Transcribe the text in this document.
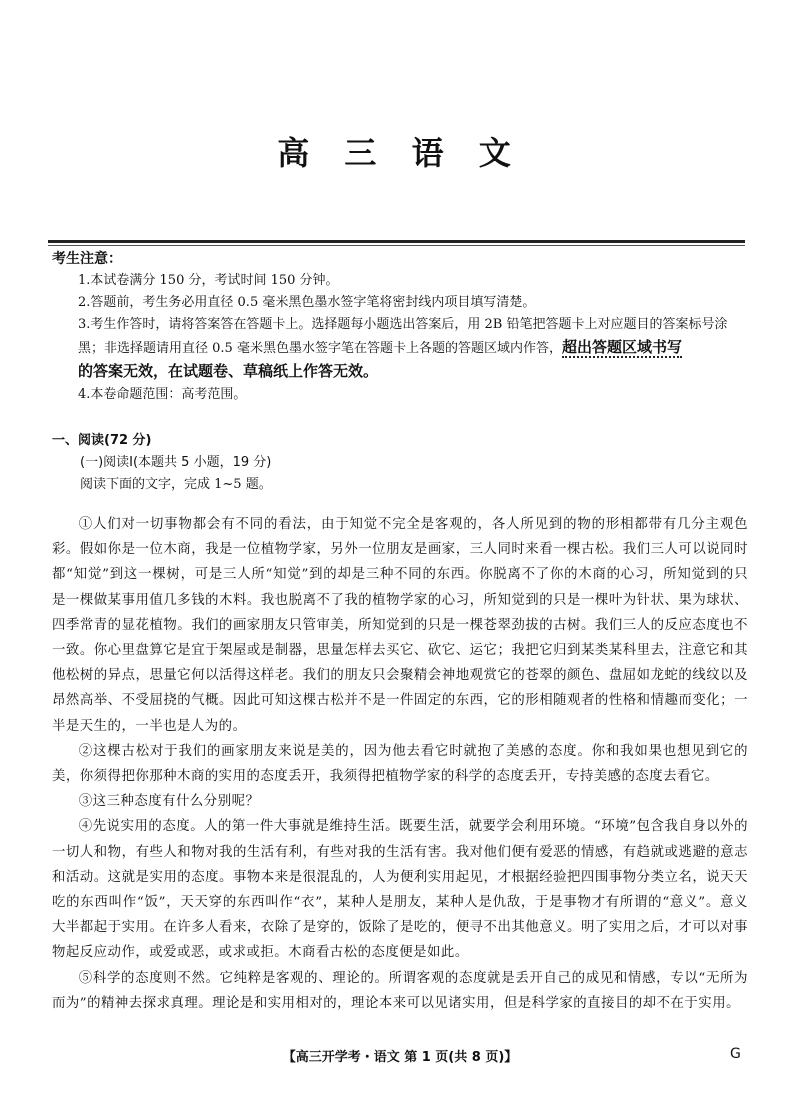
高 三 语 文
考生注意：
1.本试卷满分 150 分，考试时间 150 分钟。
2.答题前，考生务必用直径 0.5 毫米黑色墨水签字笔将密封线内项目填写清楚。
3.考生作答时，请将答案答在答题卡上。选择题每小题选出答案后，用 2B 铅笔把答题卡上对应题目的答案标号涂黑；非选择题请用直径 0.5 毫米黑色墨水签字笔在答题卡上各题的答题区域内作答，超出答题区域书写
的答案无效，在试题卷、草稿纸上作答无效。
4.本卷命题范围：高考范围。
一、阅读(72 分)
(一)阅读Ⅰ(本题共 5 小题，19 分)
阅读下面的文字，完成 1~5 题。

①人们对一切事物都会有不同的看法，由于知觉不完全是客观的，各人所见到的物的形相都带有几分主观色彩。假如你是一位木商，我是一位植物学家，另外一位朋友是画家，三人同时来看一棵古松。我们三人可以说同时都“知觉”到这一棵树，可是三人所“知觉”到的却是三种不同的东西。你脱离不了你的木商的心习，所知觉到的只是一棵做某事用值几多钱的木料。我也脱离不了我的植物学家的心习，所知觉到的只是一棵叶为针状、果为球状、四季常青的显花植物。我们的画家朋友只管审美，所知觉到的只是一棵苍翠劲拔的古树。我们三人的反应态度也不一致。你心里盘算它是宜于架屋或是制器，思量怎样去买它、砍它、运它；我把它归到某类某科里去，注意它和其他松树的异点，思量它何以活得这样老。我们的朋友只会聚精会神地观赏它的苍翠的颜色、盘屈如龙蛇的线纹以及昂然高举、不受屈挠的气概。因此可知这棵古松并不是一件固定的东西，它的形相随观者的性格和情趣而变化；一半是天生的，一半也是人为的。

②这棵古松对于我们的画家朋友来说是美的，因为他去看它时就抱了美感的态度。你和我如果也想见到它的美，你须得把你那种木商的实用的态度丢开，我须得把植物学家的科学的态度丢开，专持美感的态度去看它。

③这三种态度有什么分别呢？

④先说实用的态度。人的第一件大事就是维持生活。既要生活，就要学会利用环境。“环境”包含我自身以外的一切人和物，有些人和物对我的生活有利，有些对我的生活有害。我对他们便有爱恶的情感，有趋就或逃避的意志和活动。这就是实用的态度。事物本来是很混乱的，人为便利实用起见，才根据经验把四围事物分类立名，说天天吃的东西叫作“饭”，天天穿的东西叫作“衣”，某种人是朋友，某种人是仇敌，于是事物才有所谓的“意义”。意义大半都起于实用。在许多人看来，衣除了是穿的，饭除了是吃的，便寻不出其他意义。明了实用之后，才可以对事物起反应动作，或爱或恶，或求或拒。木商看古松的态度便是如此。

⑤科学的态度则不然。它纯粹是客观的、理论的。所谓客观的态度就是丢开自己的成见和情感，专以“无所为而为”的精神去探求真理。理论是和实用相对的，理论本来可以见诸实用，但是科学家的直接目的却不在于实用。

【高三开学考・语文 第 1 页(共 8 页)】	G
